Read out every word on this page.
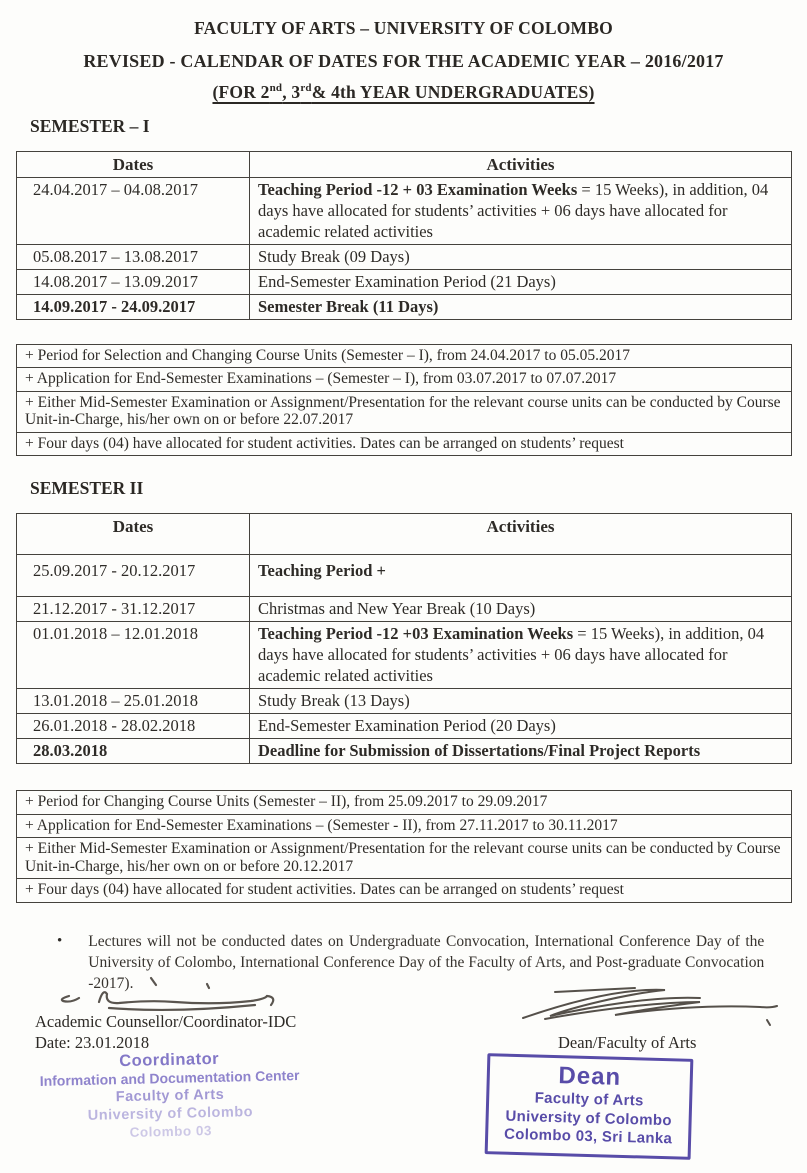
FACULTY OF ARTS – UNIVERSITY OF COLOMBO
REVISED - CALENDAR OF DATES FOR THE ACADEMIC YEAR – 2016/2017
(FOR 2nd, 3rd& 4th YEAR UNDERGRADUATES)
SEMESTER – I
Dates	Activities
24.04.2017 – 04.08.2017	Teaching Period -12 + 03 Examination Weeks = 15 Weeks), in addition, 04 days have allocated for students’ activities + 06 days have allocated for academic related activities
05.08.2017 – 13.08.2017	Study Break (09 Days)
14.08.2017 – 13.09.2017	End-Semester Examination Period (21 Days)
14.09.2017 - 24.09.2017	Semester Break (11 Days)
+ Period for Selection and Changing Course Units (Semester – I), from 24.04.2017 to 05.05.2017
+ Application for End-Semester Examinations – (Semester – I), from 03.07.2017 to 07.07.2017
+ Either Mid-Semester Examination or Assignment/Presentation for the relevant course units can be conducted by Course Unit-in-Charge, his/her own on or before 22.07.2017
+ Four days (04) have allocated for student activities. Dates can be arranged on students’ request
SEMESTER II
Dates	Activities
25.09.2017 - 20.12.2017	Teaching Period +
21.12.2017 - 31.12.2017	Christmas and New Year Break (10 Days)
01.01.2018 – 12.01.2018	Teaching Period -12 +03 Examination Weeks = 15 Weeks), in addition, 04 days have allocated for students’ activities + 06 days have allocated for academic related activities
13.01.2018 – 25.01.2018	Study Break (13 Days)
26.01.2018 - 28.02.2018	End-Semester Examination Period (20 Days)
28.03.2018	Deadline for Submission of Dissertations/Final Project Reports
+ Period for Changing Course Units (Semester – II), from 25.09.2017 to 29.09.2017
+ Application for End-Semester Examinations – (Semester - II), from 27.11.2017 to 30.11.2017
+ Either Mid-Semester Examination or Assignment/Presentation for the relevant course units can be conducted by Course Unit-in-Charge, his/her own on or before 20.12.2017
+ Four days (04) have allocated for student activities. Dates can be arranged on students’ request
• Lectures will not be conducted dates on Undergraduate Convocation, International Conference Day of the University of Colombo, International Conference Day of the Faculty of Arts, and Post-graduate Convocation -2017).
Academic Counsellor/Coordinator-IDC
Date: 23.01.2018
Coordinator
Information and Documentation Center
Faculty of Arts
University of Colombo
Colombo 03
Dean/Faculty of Arts
Dean
Faculty of Arts
University of Colombo
Colombo 03, Sri Lanka
